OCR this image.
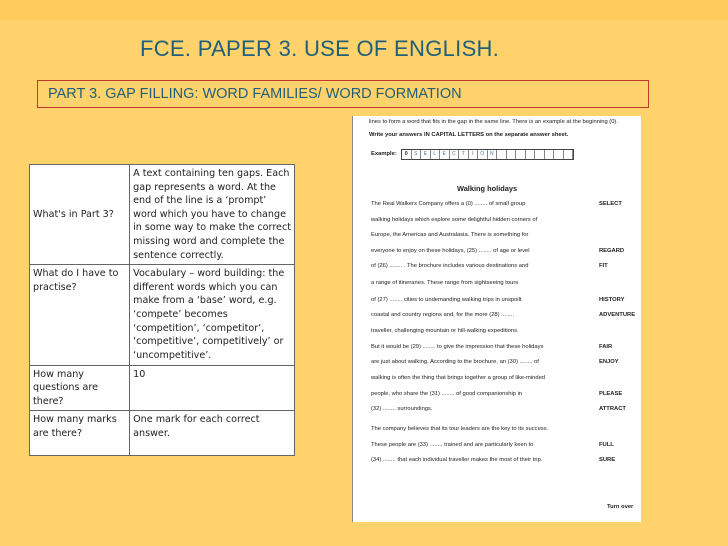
FCE. PAPER 3. USE OF ENGLISH.
PART 3. GAP FILLING: WORD FAMILIES/ WORD FORMATION
What's in Part 3?	A text containing ten gaps. Each gap represents a word. At the end of the line is a ‘prompt’ word which you have to change in some way to make the correct missing word and complete the sentence correctly.
What do I have to practise?	Vocabulary – word building: the different words which you can make from a ‘base’ word, e.g. ‘compete’ becomes ‘competition’, ‘competitor’, ‘competitive’, competitively’ or ‘uncompetitive’.
How many questions are there?	10
How many marks are there?	One mark for each correct answer.
lines to form a word that fits in the gap in the same line. There is an example at the beginning (0).
Write your answers IN CAPITAL LETTERS on the separate answer sheet.
Example:	0	S	E	L	E	C	T	I	O	N
Walking holidays
The Real Walkers Company offers a (0) ........ of small group	SELECT
walking holidays which explore some delightful hidden corners of
Europe, the Americas and Australasia. There is something for
everyone to enjoy on these holidays, (25) ........ of age or level	REGARD
of (26) ........ . The brochure includes various destinations and	FIT
a range of itineraries. These range from sightseeing tours
of (27) ........ cities to undemanding walking trips in unspoilt	HISTORY
coastal and country regions and, for the more (28) ........	ADVENTURE
traveller, challenging mountain or hill-walking expeditions.
But it would be (29) ........ to give the impression that these holidays	FAIR
are just about walking. According to the brochure, an (30) ........ of	ENJOY
walking is often the thing that brings together a group of like-minded
people, who share the (31) ........ of good companionship in	PLEASE
(32) ........ surroundings.	ATTRACT
The company believes that its tour leaders are the key to its success.
These people are (33) ........ trained and are particularly keen to	FULL
(34) ........ that each individual traveller makes the most of their trip.	SURE
Turn over
